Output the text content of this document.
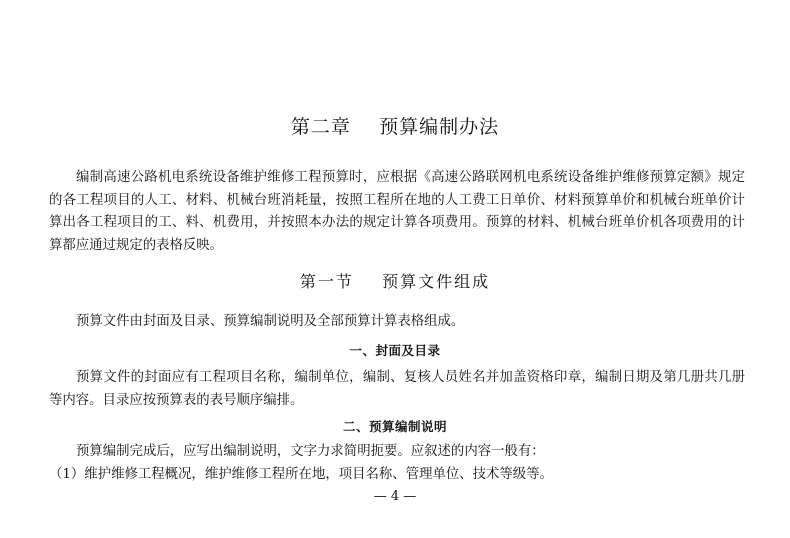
第二章    预算编制办法

编制高速公路机电系统设备维护维修工程预算时，应根据《高速公路联网机电系统设备维护维修预算定额》规定的各工程项目的人工、材料、机械台班消耗量，按照工程所在地的人工费工日单价、材料预算单价和机械台班单价计算出各工程项目的工、料、机费用，并按照本办法的规定计算各项费用。预算的材料、机械台班单价机各项费用的计算都应通过规定的表格反映。

第一节    预算文件组成

预算文件由封面及目录、预算编制说明及全部预算计算表格组成。

一、封面及目录

预算文件的封面应有工程项目名称，编制单位，编制、复核人员姓名并加盖资格印章，编制日期及第几册共几册等内容。目录应按预算表的表号顺序编排。

二、预算编制说明

预算编制完成后，应写出编制说明，文字力求简明扼要。应叙述的内容一般有：

（1）维护维修工程概况，维护维修工程所在地，项目名称、管理单位、技术等级等。

— 4 —
